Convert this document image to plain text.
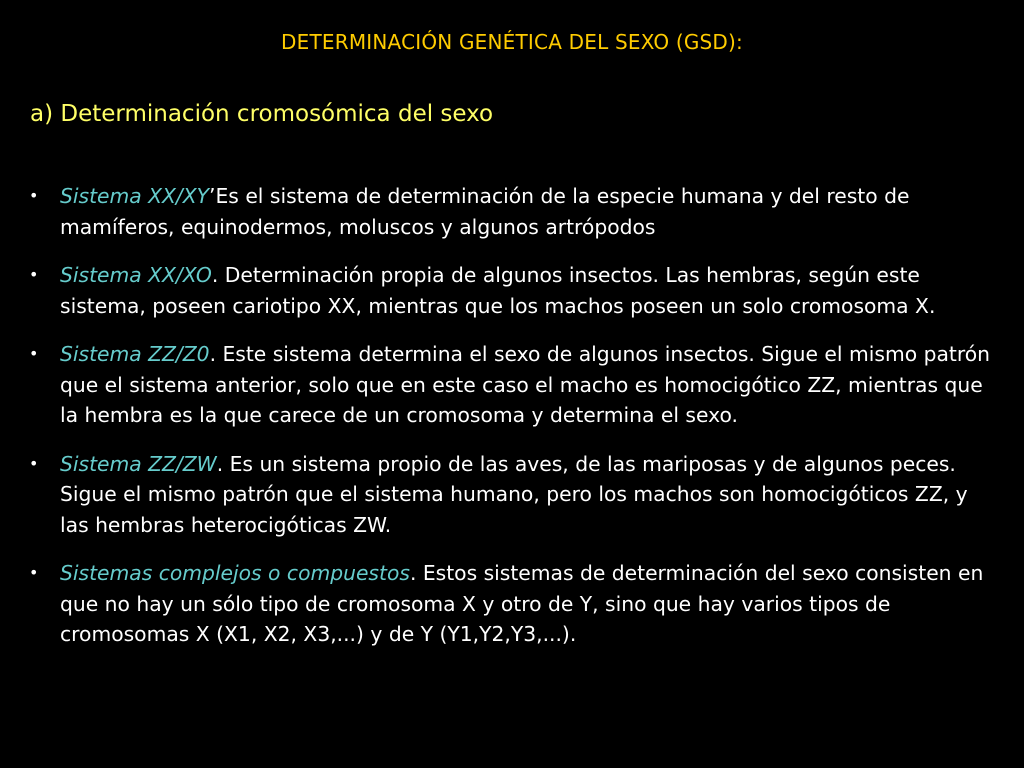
DETERMINACIÓN GENÉTICA DEL SEXO (GSD):
a) Determinación cromosómica del sexo
• Sistema XX/XY’Es el sistema de determinación de la especie humana y del resto de mamíferos, equinodermos, moluscos y algunos artrópodos
• Sistema XX/XO. Determinación propia de algunos insectos. Las hembras, según este sistema, poseen cariotipo XX, mientras que los machos poseen un solo cromosoma X.
• Sistema ZZ/Z0. Este sistema determina el sexo de algunos insectos. Sigue el mismo patrón que el sistema anterior, solo que en este caso el macho es homocigótico ZZ, mientras que la hembra es la que carece de un cromosoma y determina el sexo.
• Sistema ZZ/ZW. Es un sistema propio de las aves, de las mariposas y de algunos peces. Sigue el mismo patrón que el sistema humano, pero los machos son homocigóticos ZZ, y las hembras heterocigóticas ZW.
• Sistemas complejos o compuestos. Estos sistemas de determinación del sexo consisten en que no hay un sólo tipo de cromosoma X y otro de Y, sino que hay varios tipos de cromosomas X (X1, X2, X3,...) y de Y (Y1,Y2,Y3,...).
